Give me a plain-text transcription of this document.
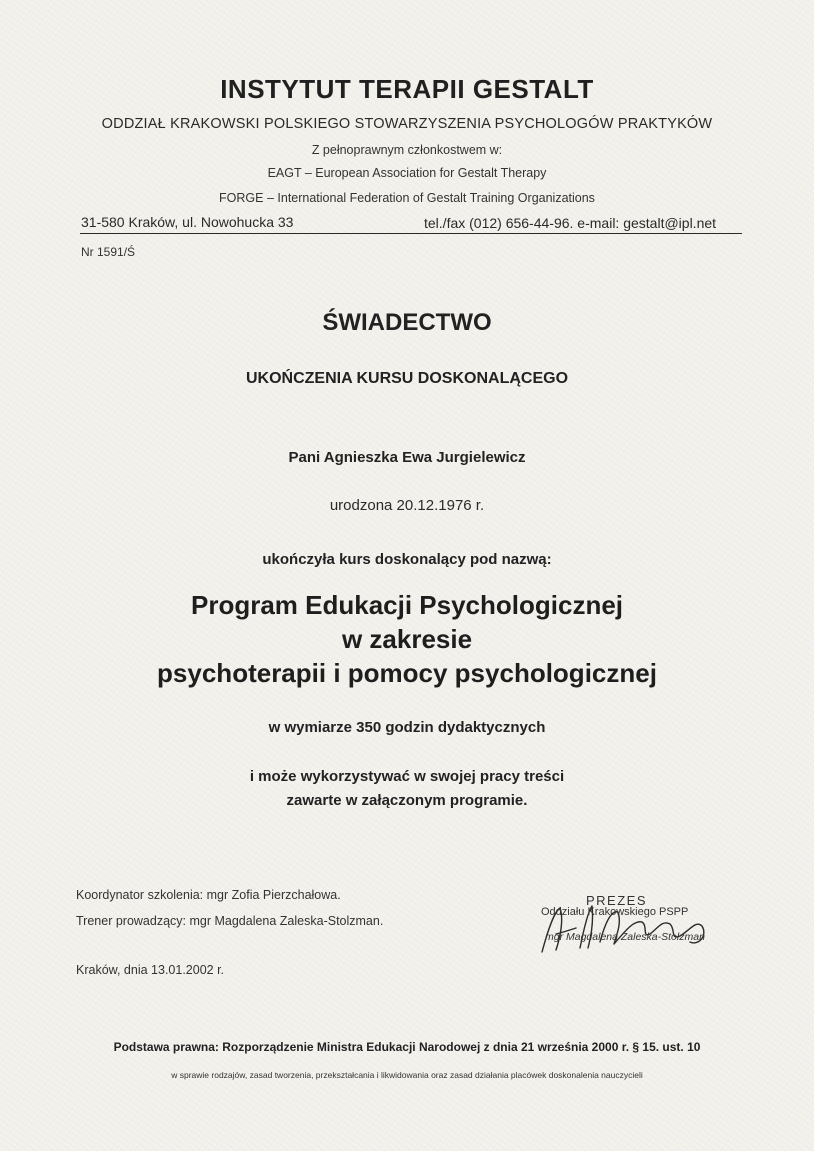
INSTYTUT TERAPII GESTALT
ODDZIAŁ KRAKOWSKI POLSKIEGO STOWARZYSZENIA PSYCHOLOGÓW PRAKTYKÓW
Z pełnoprawnym członkostwem w:
EAGT – European Association for Gestalt Therapy
FORGE – International Federation of Gestalt Training Organizations
31-580 Kraków, ul. Nowohucka 33	tel./fax (012) 656-44-96. e-mail: gestalt@ipl.net
Nr 1591/Ś
ŚWIADECTWO
UKOŃCZENIA KURSU DOSKONALĄCEGO
Pani Agnieszka Ewa Jurgielewicz
urodzona 20.12.1976 r.
ukończyła kurs doskonalący pod nazwą:
Program Edukacji Psychologicznej
w zakresie
psychoterapii i pomocy psychologicznej
w wymiarze 350 godzin dydaktycznych
i może wykorzystywać w swojej pracy treści
zawarte w załączonym programie.
Koordynator szkolenia: mgr Zofia Pierzchałowa.
Trener prowadzący: mgr Magdalena Zaleska-Stolzman.
Kraków, dnia 13.01.2002 r.
PREZES
Oddziału Krakowskiego PSPP
mgr Magdalena Zaleska-Stolzman
Podstawa prawna: Rozporządzenie Ministra Edukacji Narodowej z dnia 21 września 2000 r. § 15. ust. 10
w sprawie rodzajów, zasad tworzenia, przekształcania i likwidowania oraz zasad działania placówek doskonalenia nauczycieli
